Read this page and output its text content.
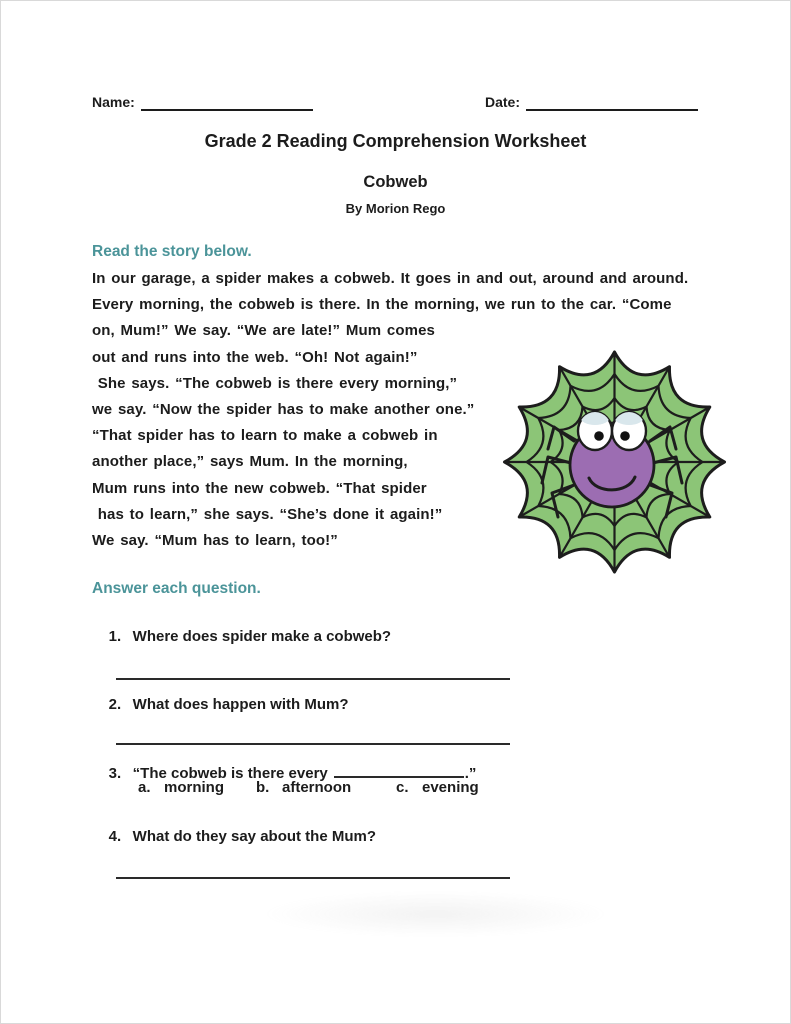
Name:	Date:
Grade 2 Reading Comprehension Worksheet
Cobweb
By Morion Rego
Read the story below.
In our garage, a spider makes a cobweb. It goes in and out, around and around.
Every morning, the cobweb is there. In the morning, we run to the car. “Come
on, Mum!” We say. “We are late!” Mum comes
out and runs into the web. “Oh! Not again!”
She says. “The cobweb is there every morning,”
we say. “Now the spider has to make another one.”
“That spider has to learn to make a cobweb in
another place,” says Mum. In the morning,
Mum runs into the new cobweb. “That spider
has to learn,” she says. “She’s done it again!”
We say. “Mum has to learn, too!”
Answer each question.

1. Where does spider make a cobweb?

2. What does happen with Mum?

3. “The cobweb is there every	.”

a. morning b. afternoon	c. evening

4. What do they say about the Mum?
